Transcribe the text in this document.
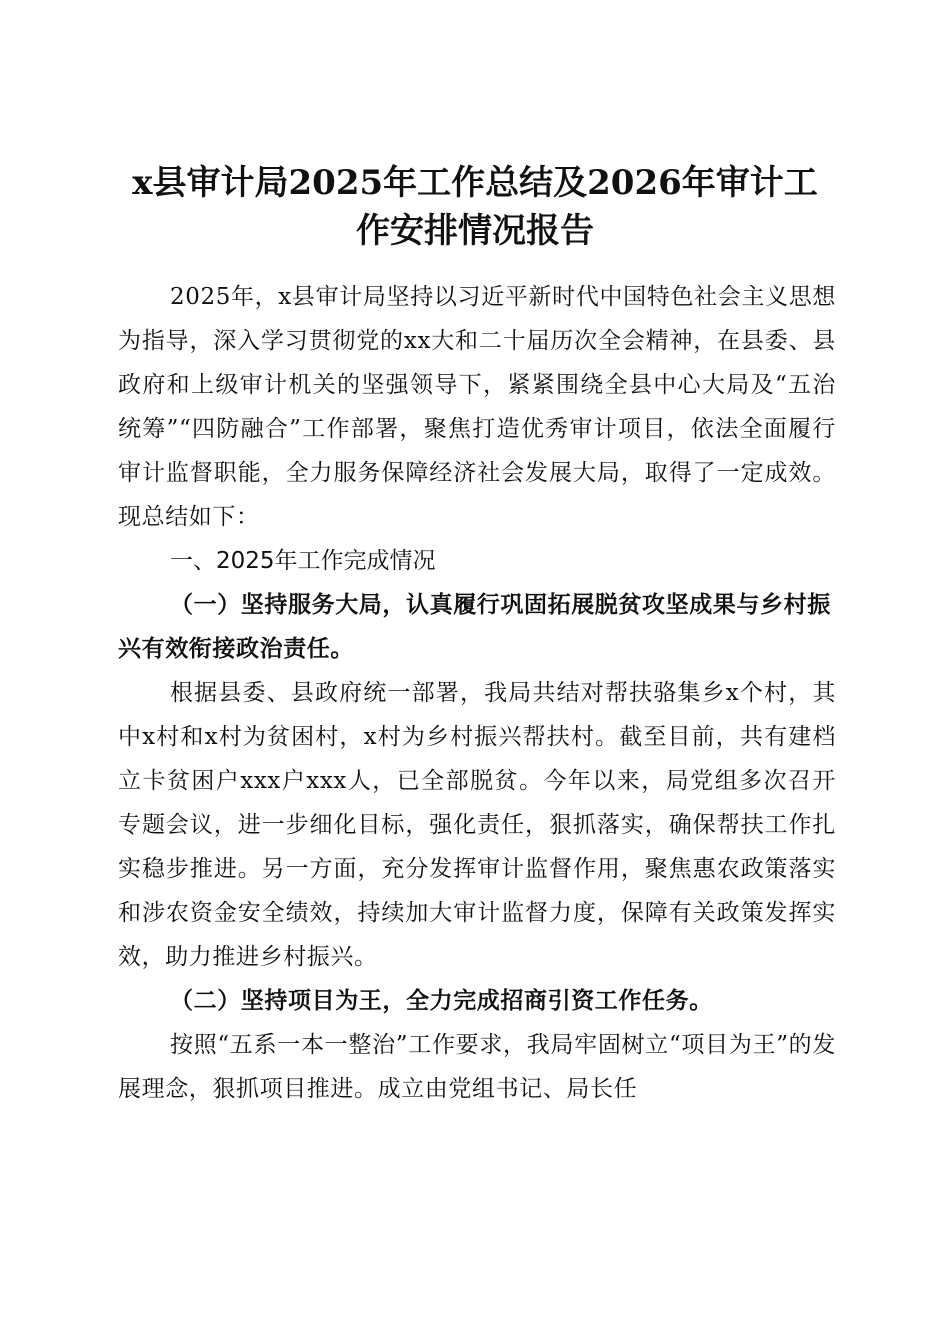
x县审计局2025年工作总结及2026年审计工
作安排情况报告

2025年，x县审计局坚持以习近平新时代中国特色社会主义思想为指导，深入学习贯彻党的xx大和二十届历次全会精神，在县委、县政府和上级审计机关的坚强领导下，紧紧围绕全县中心大局及“五治统筹”“四防融合”工作部署，聚焦打造优秀审计项目，依法全面履行审计监督职能，全力服务保障经济社会发展大局，取得了一定成效。现总结如下：

一、2025年工作完成情况

（一）坚持服务大局，认真履行巩固拓展脱贫攻坚成果与乡村振兴有效衔接政治责任。

根据县委、县政府统一部署，我局共结对帮扶骆集乡x个村，其中x村和x村为贫困村，x村为乡村振兴帮扶村。截至目前，共有建档立卡贫困户xxx户xxx人，已全部脱贫。今年以来，局党组多次召开专题会议，进一步细化目标，强化责任，狠抓落实，确保帮扶工作扎实稳步推进。另一方面，充分发挥审计监督作用，聚焦惠农政策落实和涉农资金安全绩效，持续加大审计监督力度，保障有关政策发挥实效，助力推进乡村振兴。

（二）坚持项目为王，全力完成招商引资工作任务。

按照“五系一本一整治”工作要求，我局牢固树立“项目为王”的发展理念，狠抓项目推进。成立由党组书记、局长任
